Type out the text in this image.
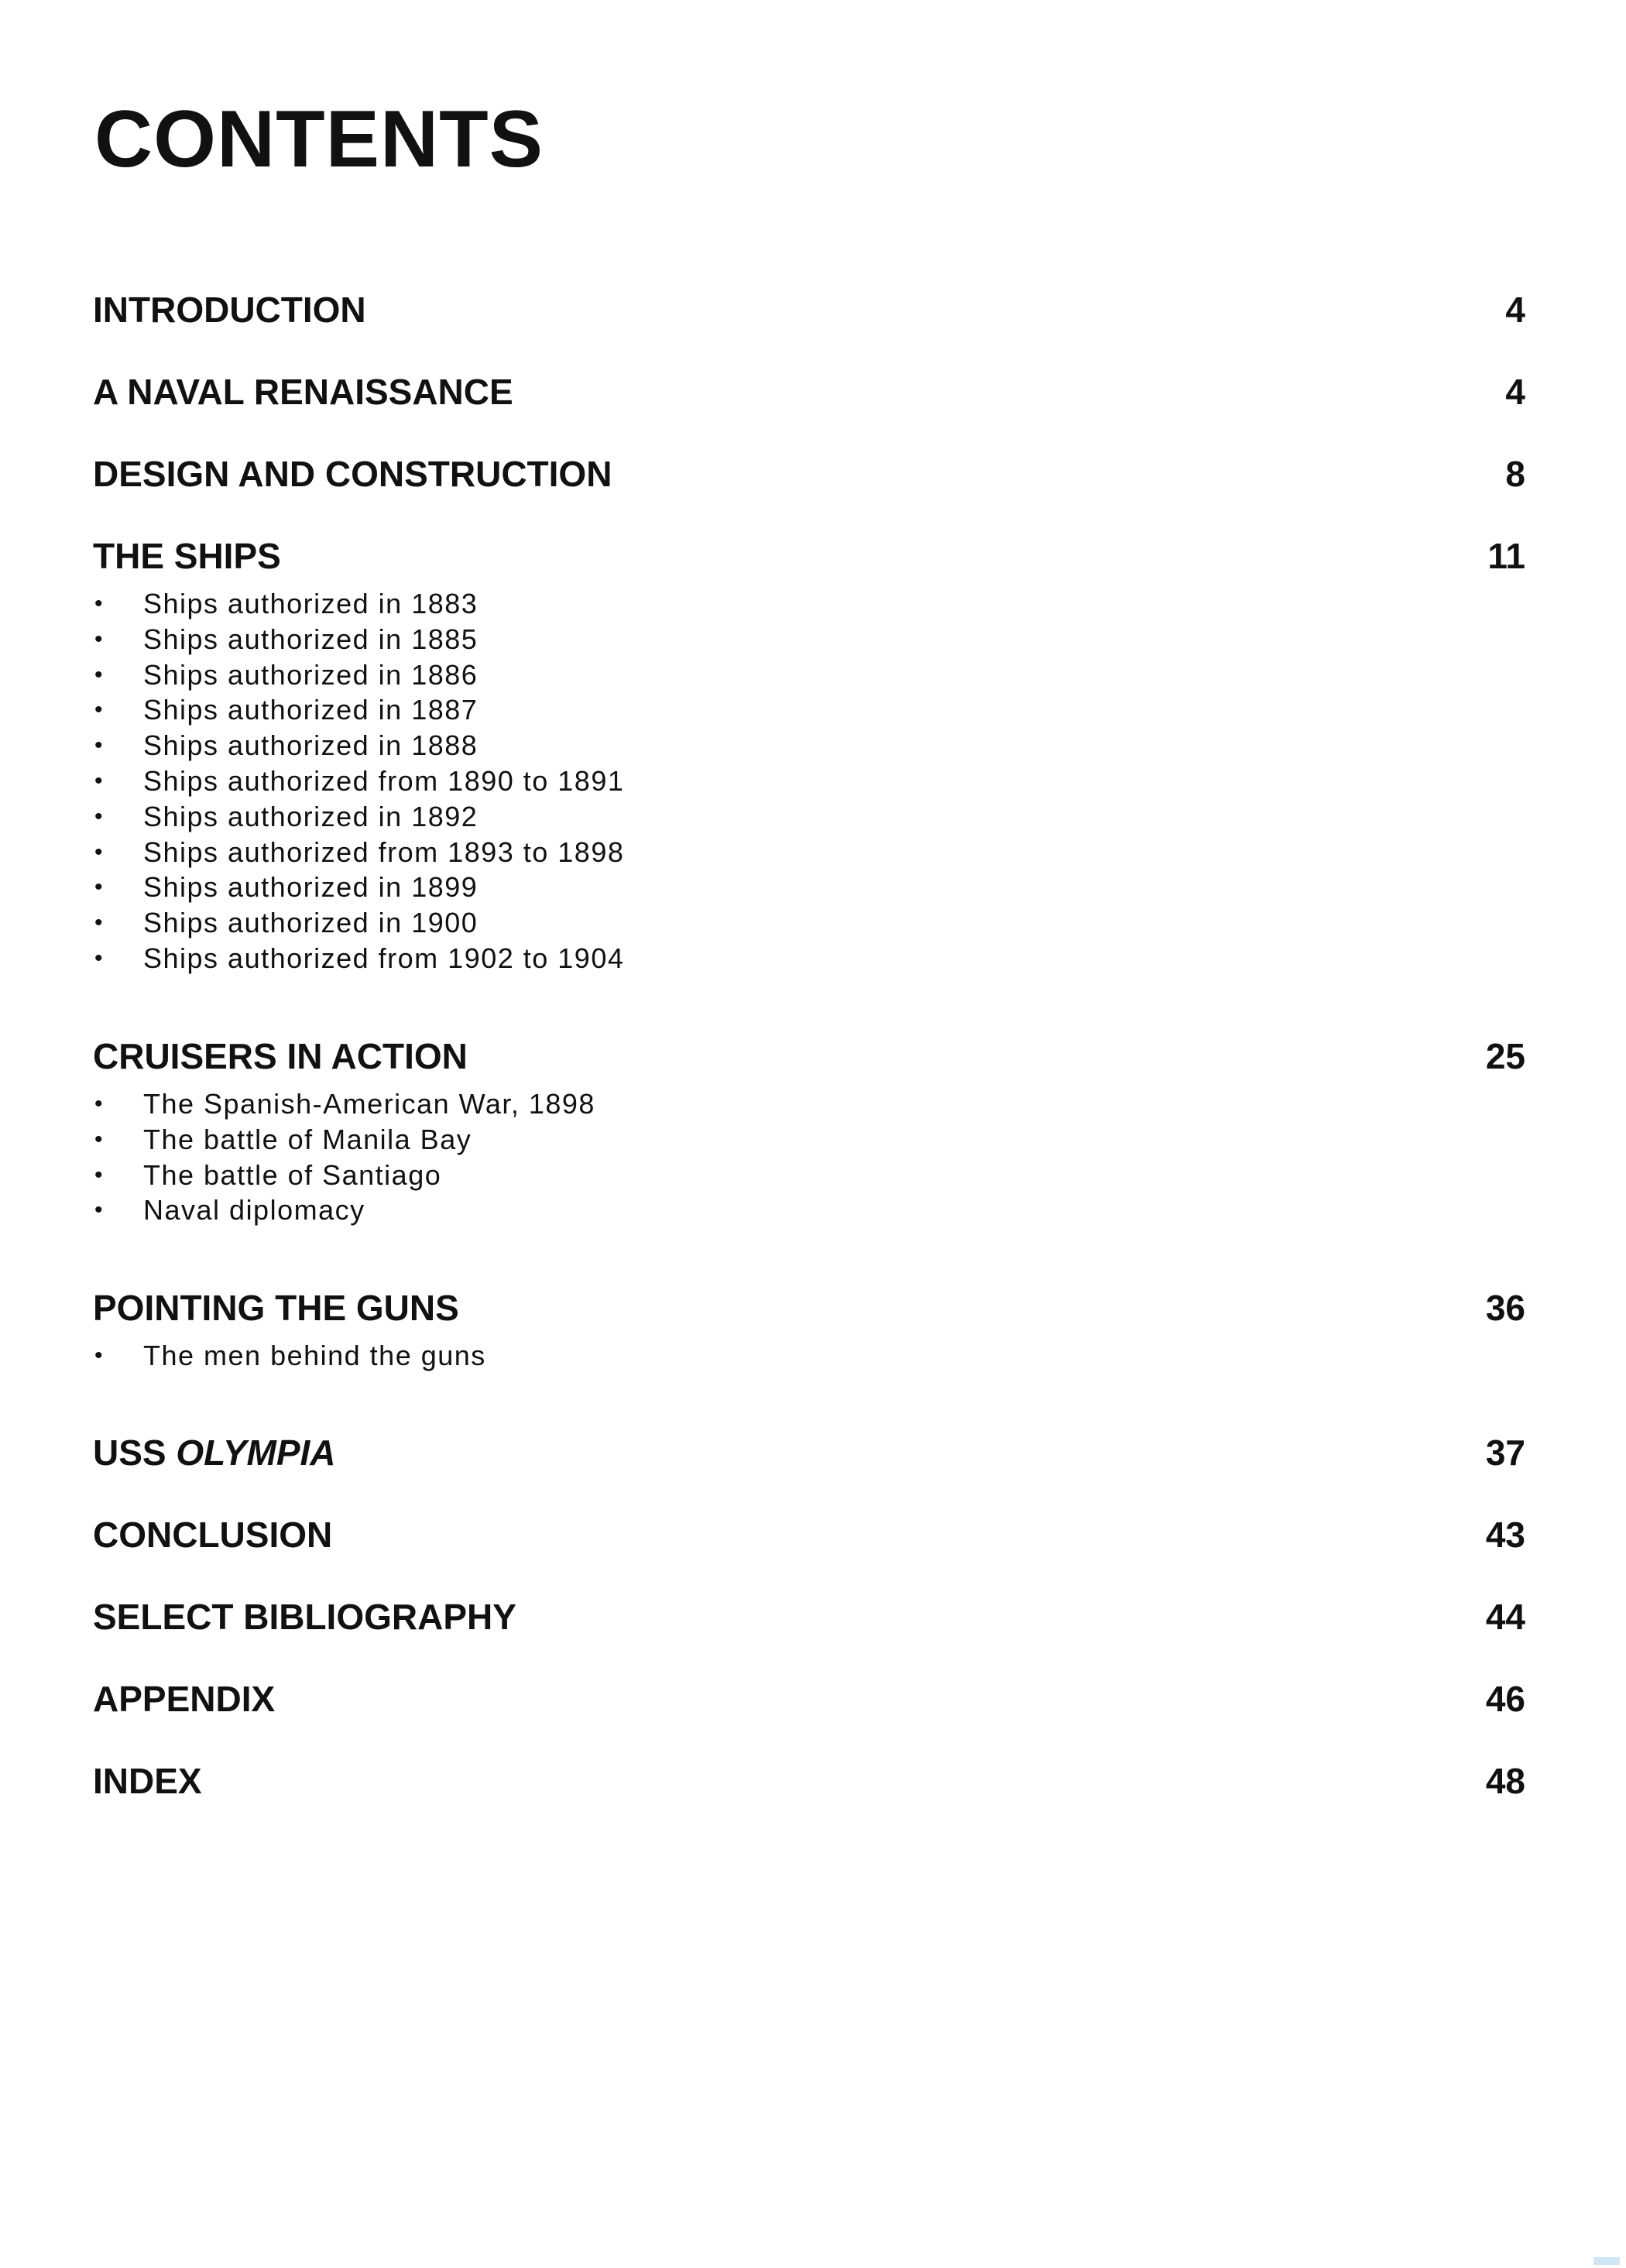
CONTENTS
INTRODUCTION	4
A NAVAL RENAISSANCE	4
DESIGN AND CONSTRUCTION	8
THE SHIPS	11
• Ships authorized in 1883
• Ships authorized in 1885
• Ships authorized in 1886
• Ships authorized in 1887
• Ships authorized in 1888
• Ships authorized from 1890 to 1891
• Ships authorized in 1892
• Ships authorized from 1893 to 1898
• Ships authorized in 1899
• Ships authorized in 1900
• Ships authorized from 1902 to 1904
CRUISERS IN ACTION	25
• The Spanish-American War, 1898
• The battle of Manila Bay
• The battle of Santiago
• Naval diplomacy
POINTING THE GUNS	36
• The men behind the guns
USS OLYMPIA	37
CONCLUSION	43
SELECT BIBLIOGRAPHY	44
APPENDIX	46
INDEX	48
